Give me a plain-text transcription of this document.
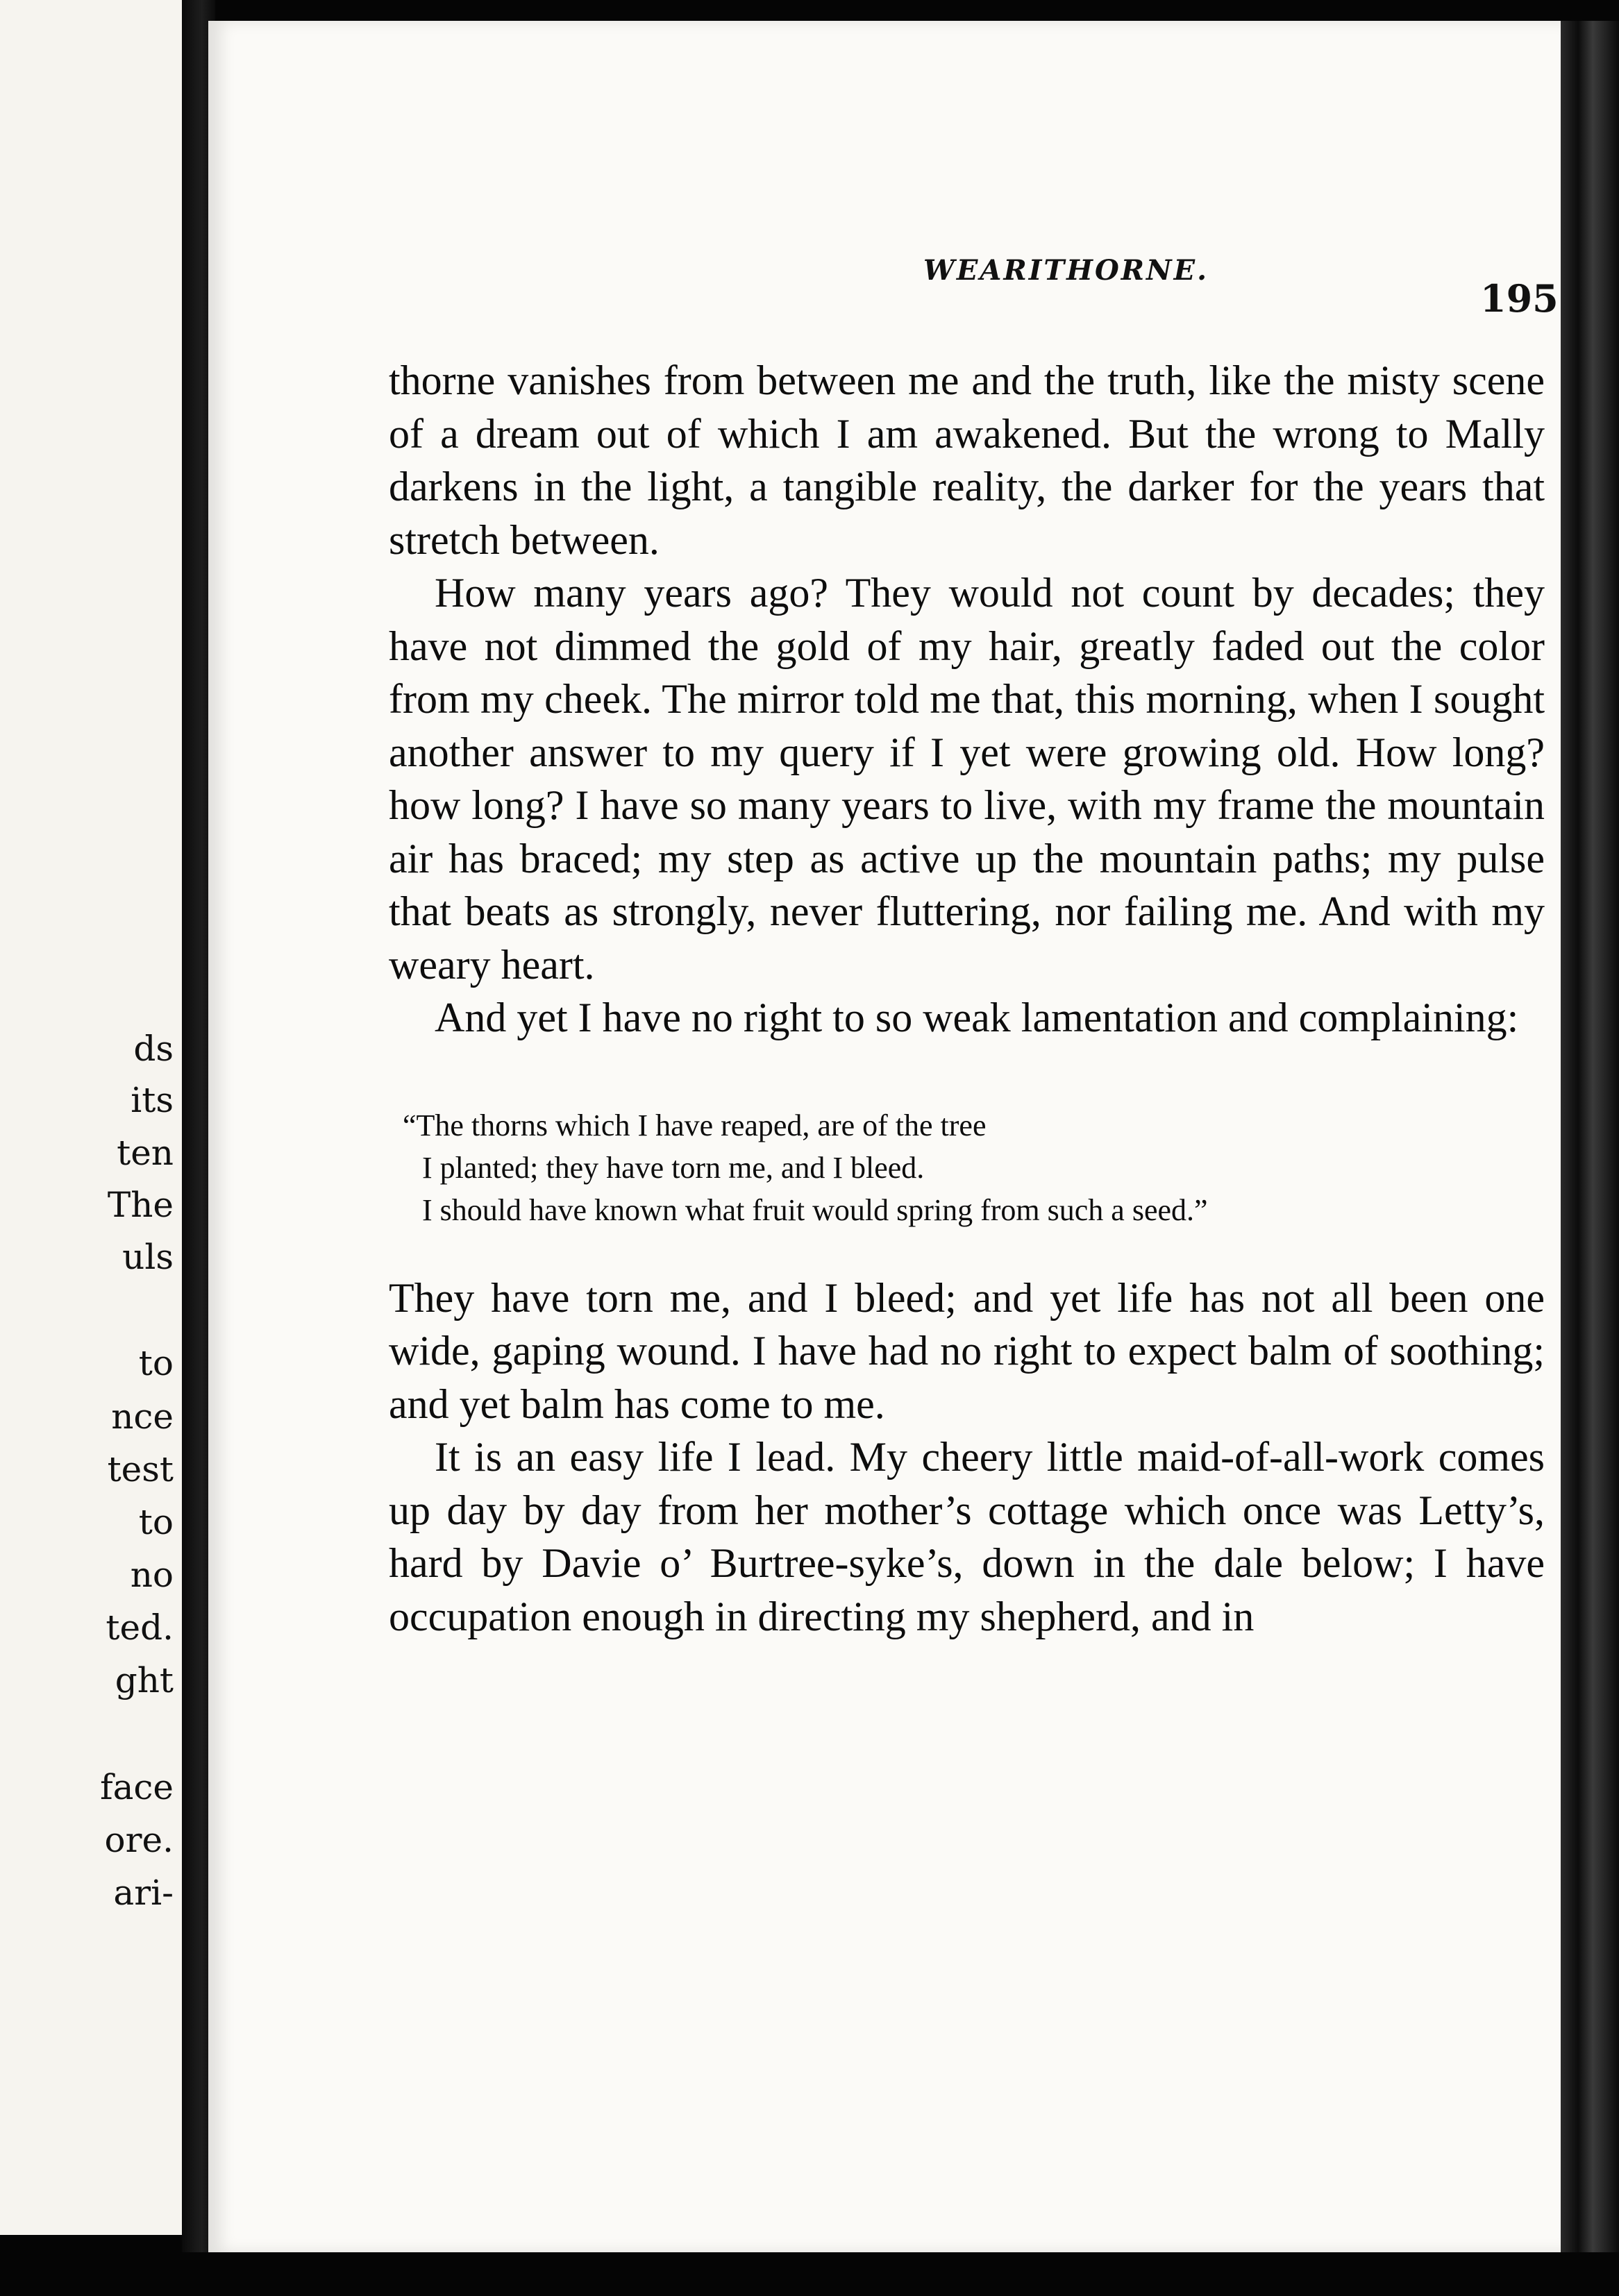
ds
its
ten
The
uls
to
nce
test
to
no
ted.
ght
face
ore.
ari-
WEARITHORNE.
195

thorne vanishes from between me and the truth, like the misty scene of a dream out of which I am awakened. But the wrong to Mally darkens in the light, a tangible reality, the darker for the years that stretch between.

How many years ago? They would not count by decades; they have not dimmed the gold of my hair, greatly faded out the color from my cheek. The mirror told me that, this morning, when I sought another answer to my query if I yet were growing old. How long? how long? I have so many years to live, with my frame the mountain air has braced; my step as active up the mountain paths; my pulse that beats as strongly, never fluttering, nor failing me. And with my weary heart.

And yet I have no right to so weak lamentation and complaining:

“The thorns which I have reaped, are of the tree
I planted; they have torn me, and I bleed.
I should have known what fruit would spring from such a seed.”

They have torn me, and I bleed; and yet life has not all been one wide, gaping wound. I have had no right to expect balm of soothing; and yet balm has come to me.

It is an easy life I lead. My cheery little maid-of-all-work comes up day by day from her mother’s cottage which once was Letty’s, hard by Davie o’ Burtree-syke’s, down in the dale below; I have occupation enough in directing my shepherd, and in
